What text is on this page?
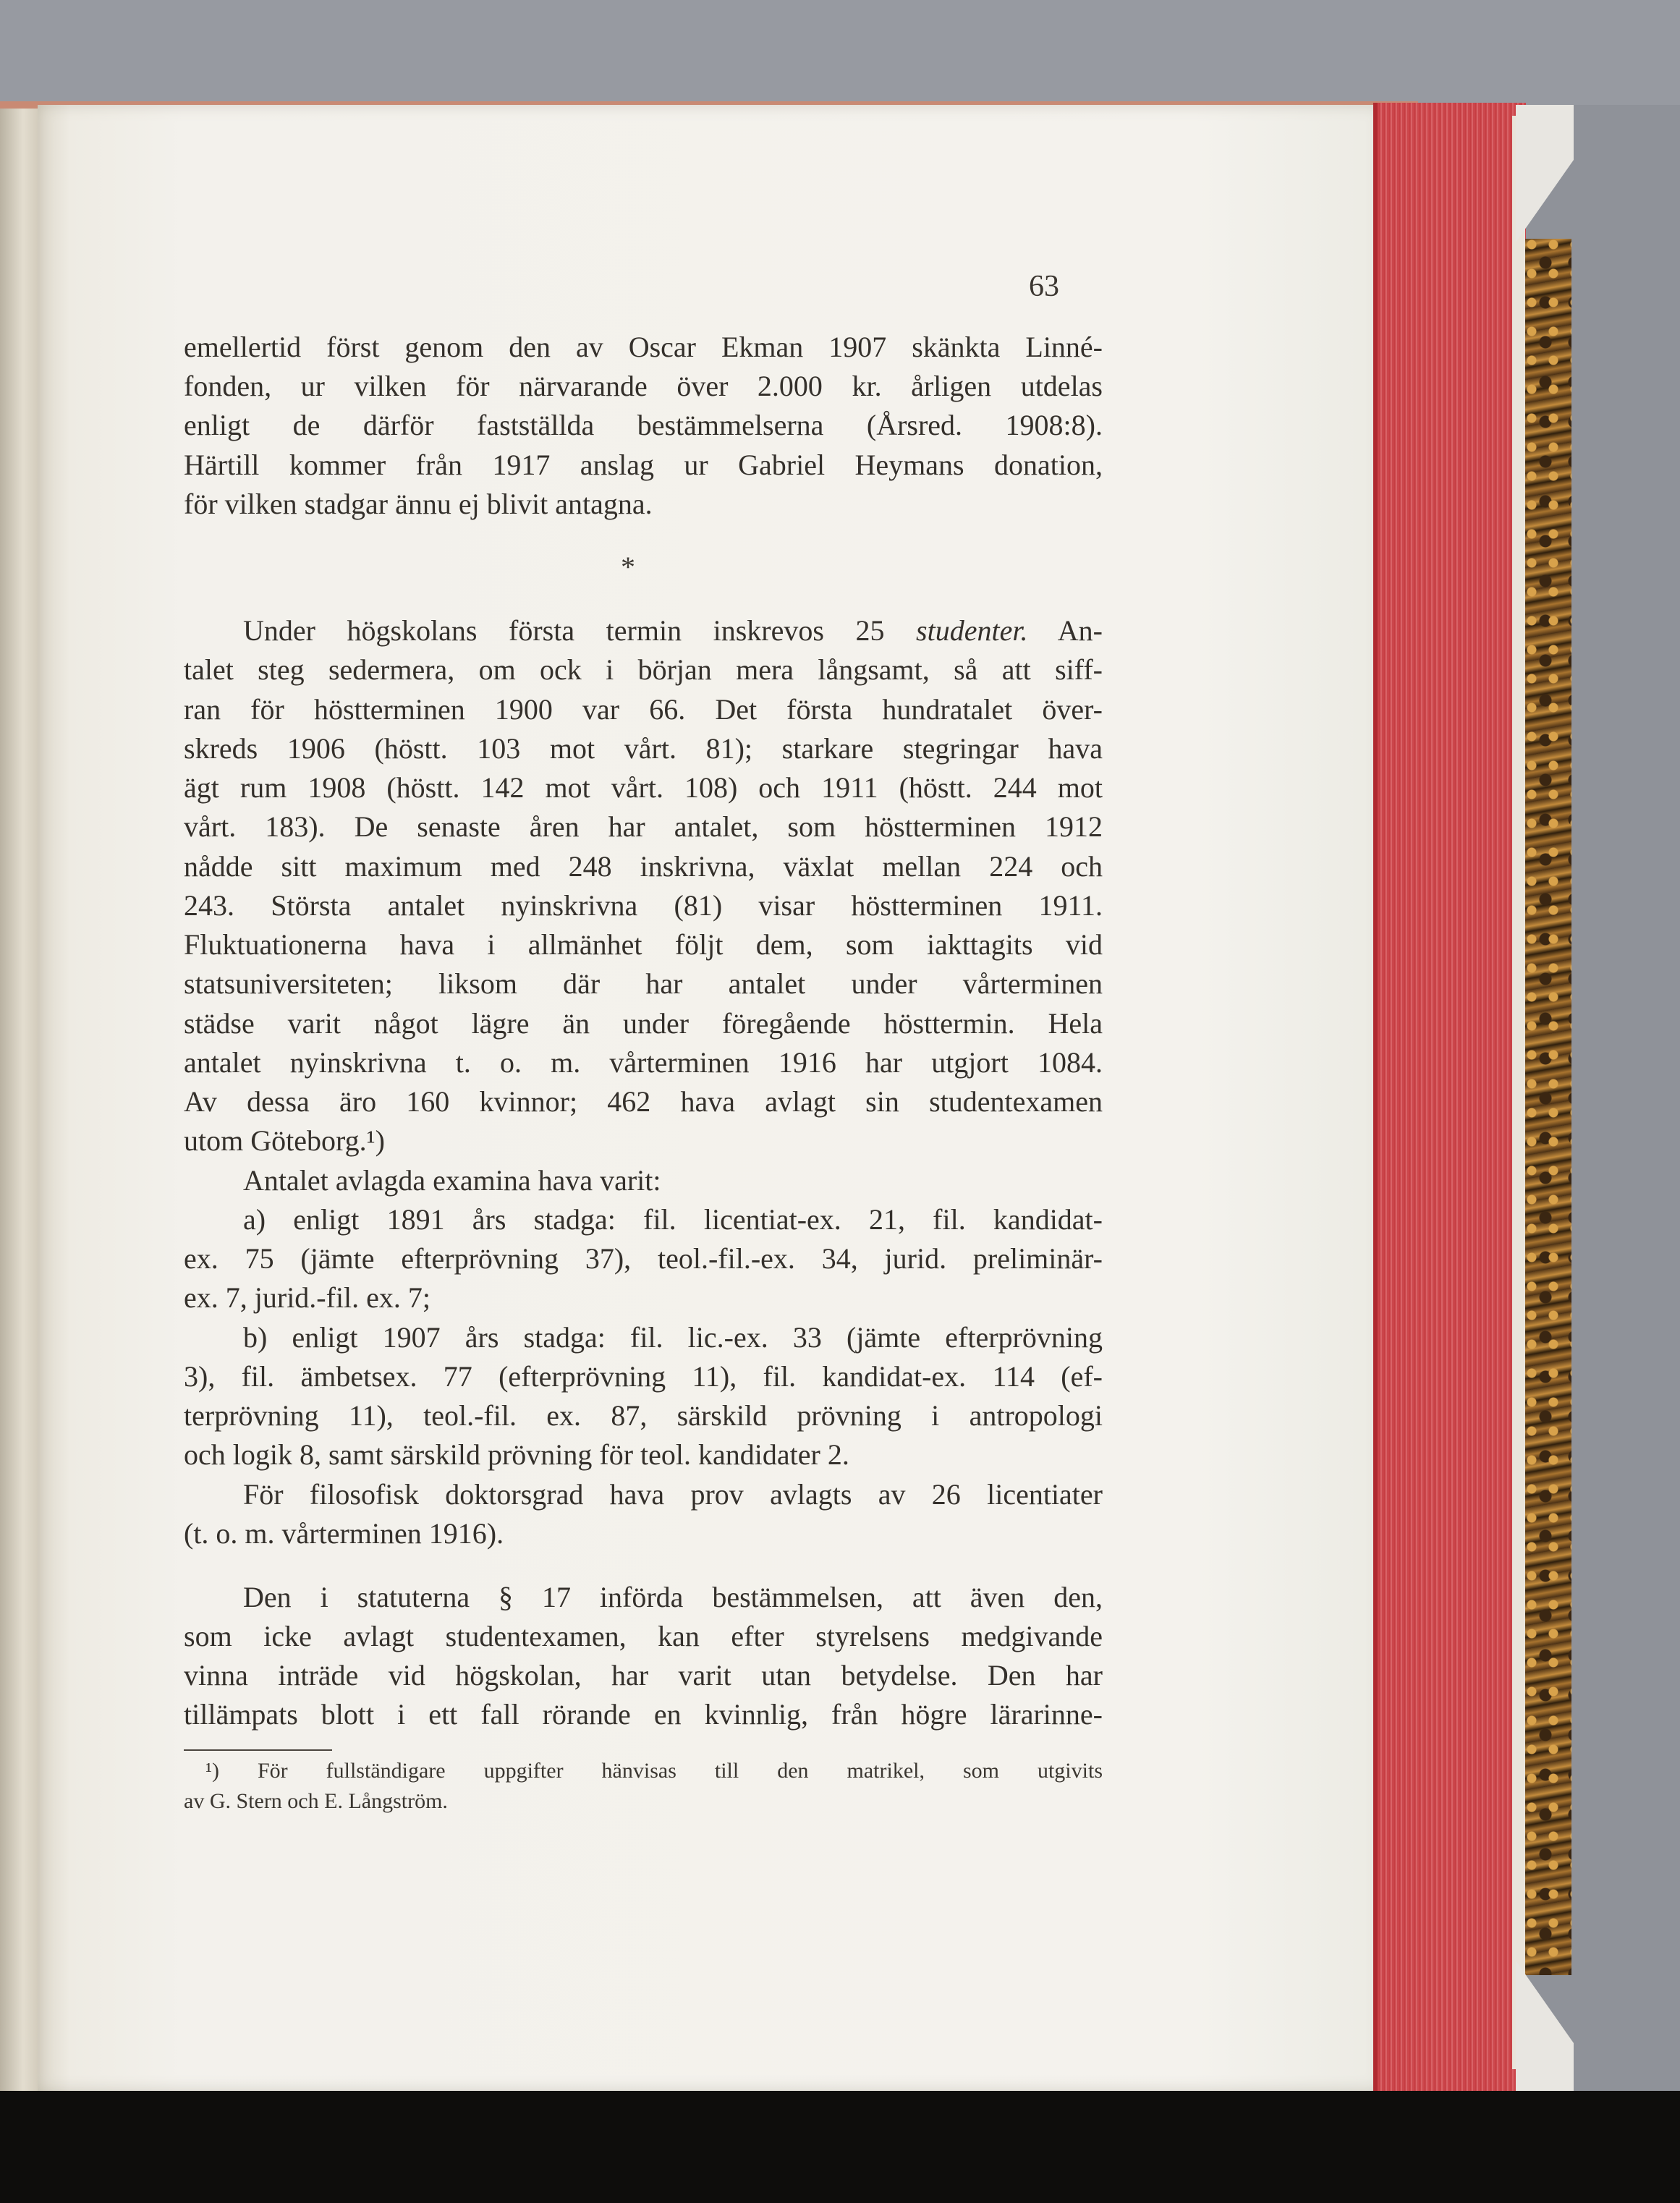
63

emellertid först genom den av Oscar Ekman 1907 skänkta Linné-

fonden, ur vilken för närvarande över 2.000 kr. årligen utdelas

enligt de därför fastställda bestämmelserna (Årsred. 1908:8).

Härtill kommer från 1917 anslag ur Gabriel Heymans donation,

för vilken stadgar ännu ej blivit antagna.

*

Under högskolans första termin inskrevos 25 studenter. An-

talet steg sedermera, om ock i början mera långsamt, så att siff-

ran för höstterminen 1900 var 66. Det första hundratalet över-

skreds 1906 (höstt. 103 mot vårt. 81); starkare stegringar hava

ägt rum 1908 (höstt. 142 mot vårt. 108) och 1911 (höstt. 244 mot

vårt. 183). De senaste åren har antalet, som höstterminen 1912

nådde sitt maximum med 248 inskrivna, växlat mellan 224 och

243. Största antalet nyinskrivna (81) visar höstterminen 1911.

Fluktuationerna hava i allmänhet följt dem, som iakttagits vid

statsuniversiteten; liksom där har antalet under vårterminen

städse varit något lägre än under föregående hösttermin. Hela

antalet nyinskrivna t. o. m. vårterminen 1916 har utgjort 1084.

Av dessa äro 160 kvinnor; 462 hava avlagt sin studentexamen

utom Göteborg.¹)

Antalet avlagda examina hava varit:

a) enligt 1891 års stadga: fil. licentiat-ex. 21, fil. kandidat-

ex. 75 (jämte efterprövning 37), teol.-fil.-ex. 34, jurid. preliminär-

ex. 7, jurid.-fil. ex. 7;

b) enligt 1907 års stadga: fil. lic.-ex. 33 (jämte efterprövning

3), fil. ämbetsex. 77 (efterprövning 11), fil. kandidat-ex. 114 (ef-

terprövning 11), teol.-fil. ex. 87, särskild prövning i antropologi

och logik 8, samt särskild prövning för teol. kandidater 2.

För filosofisk doktorsgrad hava prov avlagts av 26 licentiater

(t. o. m. vårterminen 1916).

Den i statuterna § 17 införda bestämmelsen, att även den,

som icke avlagt studentexamen, kan efter styrelsens medgivande

vinna inträde vid högskolan, har varit utan betydelse. Den har

tillämpats blott i ett fall rörande en kvinnlig, från högre lärarinne-

¹) För fullständigare uppgifter hänvisas till den matrikel, som utgivits
av G. Stern och E. Långström.
